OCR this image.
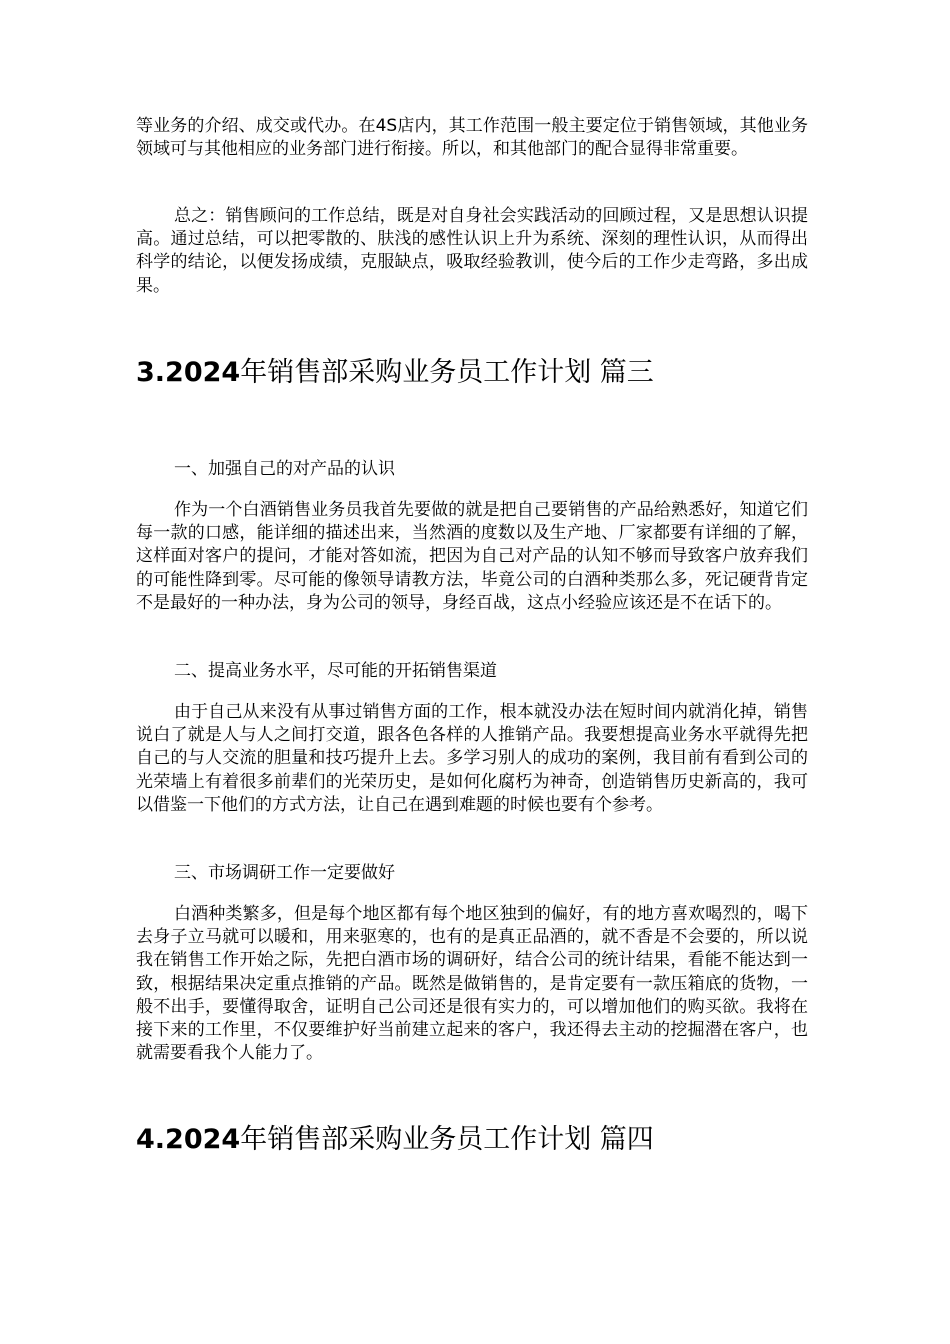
等业务的介绍、成交或代办。在4S店内，其工作范围一般主要定位于销售领域，其他业务领域可与其他相应的业务部门进行衔接。所以，和其他部门的配合显得非常重要。

总之：销售顾问的工作总结，既是对自身社会实践活动的回顾过程，又是思想认识提高。通过总结，可以把零散的、肤浅的感性认识上升为系统、深刻的理性认识，从而得出科学的结论，以便发扬成绩，克服缺点，吸取经验教训，使今后的工作少走弯路，多出成果。

3.2024年销售部采购业务员工作计划 篇三

一、加强自己的对产品的认识

作为一个白酒销售业务员我首先要做的就是把自己要销售的产品给熟悉好，知道它们每一款的口感，能详细的描述出来，当然酒的度数以及生产地、厂家都要有详细的了解，这样面对客户的提问，才能对答如流，把因为自己对产品的认知不够而导致客户放弃我们的可能性降到零。尽可能的像领导请教方法，毕竟公司的白酒种类那么多，死记硬背肯定不是最好的一种办法，身为公司的领导，身经百战，这点小经验应该还是不在话下的。

二、提高业务水平，尽可能的开拓销售渠道

由于自己从来没有从事过销售方面的工作，根本就没办法在短时间内就消化掉，销售说白了就是人与人之间打交道，跟各色各样的人推销产品。我要想提高业务水平就得先把自己的与人交流的胆量和技巧提升上去。多学习别人的成功的案例，我目前有看到公司的光荣墙上有着很多前辈们的光荣历史，是如何化腐朽为神奇，创造销售历史新高的，我可以借鉴一下他们的方式方法，让自己在遇到难题的时候也要有个参考。

三、市场调研工作一定要做好

白酒种类繁多，但是每个地区都有每个地区独到的偏好，有的地方喜欢喝烈的，喝下去身子立马就可以暖和，用来驱寒的，也有的是真正品酒的，就不香是不会要的，所以说我在销售工作开始之际，先把白酒市场的调研好，结合公司的统计结果，看能不能达到一致，根据结果决定重点推销的产品。既然是做销售的，是肯定要有一款压箱底的货物，一般不出手，要懂得取舍，证明自己公司还是很有实力的，可以增加他们的购买欲。我将在接下来的工作里，不仅要维护好当前建立起来的客户，我还得去主动的挖掘潜在客户，也就需要看我个人能力了。

4.2024年销售部采购业务员工作计划 篇四
